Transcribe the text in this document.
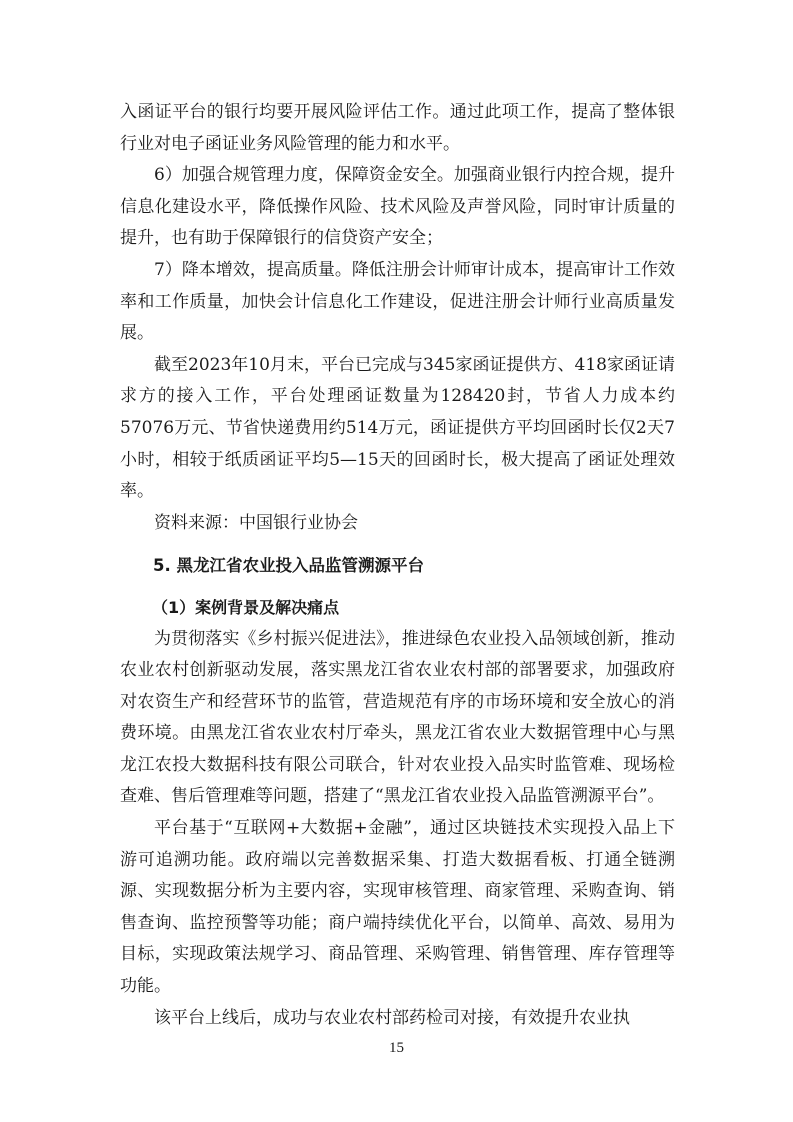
入函证平台的银行均要开展风险评估工作。通过此项工作，提高了整体银行业对电子函证业务风险管理的能力和水平。

6）加强合规管理力度，保障资金安全。加强商业银行内控合规，提升信息化建设水平，降低操作风险、技术风险及声誉风险，同时审计质量的提升，也有助于保障银行的信贷资产安全；

7）降本增效，提高质量。降低注册会计师审计成本，提高审计工作效率和工作质量，加快会计信息化工作建设，促进注册会计师行业高质量发展。

截至2023年10月末，平台已完成与345家函证提供方、418家函证请求方的接入工作，平台处理函证数量为128420封，节省人力成本约57076万元、节省快递费用约514万元，函证提供方平均回函时长仅2天7小时，相较于纸质函证平均5—15天的回函时长，极大提高了函证处理效率。

资料来源：中国银行业协会

5. 黑龙江省农业投入品监管溯源平台
（1）案例背景及解决痛点

为贯彻落实《乡村振兴促进法》，推进绿色农业投入品领域创新，推动农业农村创新驱动发展，落实黑龙江省农业农村部的部署要求，加强政府对农资生产和经营环节的监管，营造规范有序的市场环境和安全放心的消费环境。由黑龙江省农业农村厅牵头，黑龙江省农业大数据管理中心与黑龙江农投大数据科技有限公司联合，针对农业投入品实时监管难、现场检查难、售后管理难等问题，搭建了“黑龙江省农业投入品监管溯源平台”。

平台基于“互联网+大数据+金融”，通过区块链技术实现投入品上下游可追溯功能。政府端以完善数据采集、打造大数据看板、打通全链溯源、实现数据分析为主要内容，实现审核管理、商家管理、采购查询、销售查询、监控预警等功能；商户端持续优化平台，以简单、高效、易用为目标，实现政策法规学习、商品管理、采购管理、销售管理、库存管理等功能。

该平台上线后，成功与农业农村部药检司对接，有效提升农业执

15
